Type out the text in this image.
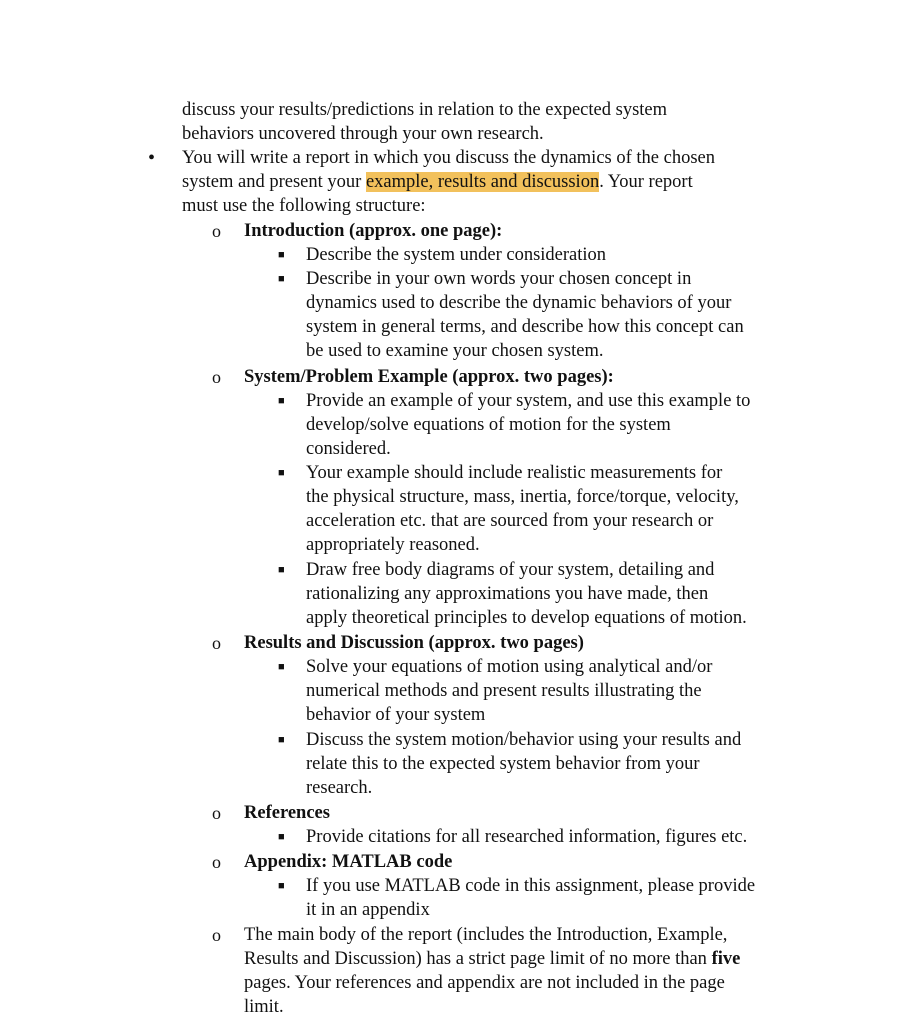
discuss your results/predictions in relation to the expected system
behaviors uncovered through your own research.
• You will write a report in which you discuss the dynamics of the chosen
system and present your example, results and discussion. Your report
must use the following structure:
o Introduction (approx. one page):
■ Describe the system under consideration
■ Describe in your own words your chosen concept in
dynamics used to describe the dynamic behaviors of your
system in general terms, and describe how this concept can
be used to examine your chosen system.
o System/Problem Example (approx. two pages):
■ Provide an example of your system, and use this example to
develop/solve equations of motion for the system
considered.
■ Your example should include realistic measurements for
the physical structure, mass, inertia, force/torque, velocity,
acceleration etc. that are sourced from your research or
appropriately reasoned.
■ Draw free body diagrams of your system, detailing and
rationalizing any approximations you have made, then
apply theoretical principles to develop equations of motion.
o Results and Discussion (approx. two pages)
■ Solve your equations of motion using analytical and/or
numerical methods and present results illustrating the
behavior of your system
■ Discuss the system motion/behavior using your results and
relate this to the expected system behavior from your
research.
o References
■ Provide citations for all researched information, figures etc.
o Appendix: MATLAB code
■ If you use MATLAB code in this assignment, please provide
it in an appendix
o The main body of the report (includes the Introduction, Example,
Results and Discussion) has a strict page limit of no more than five
pages. Your references and appendix are not included in the page
limit.
